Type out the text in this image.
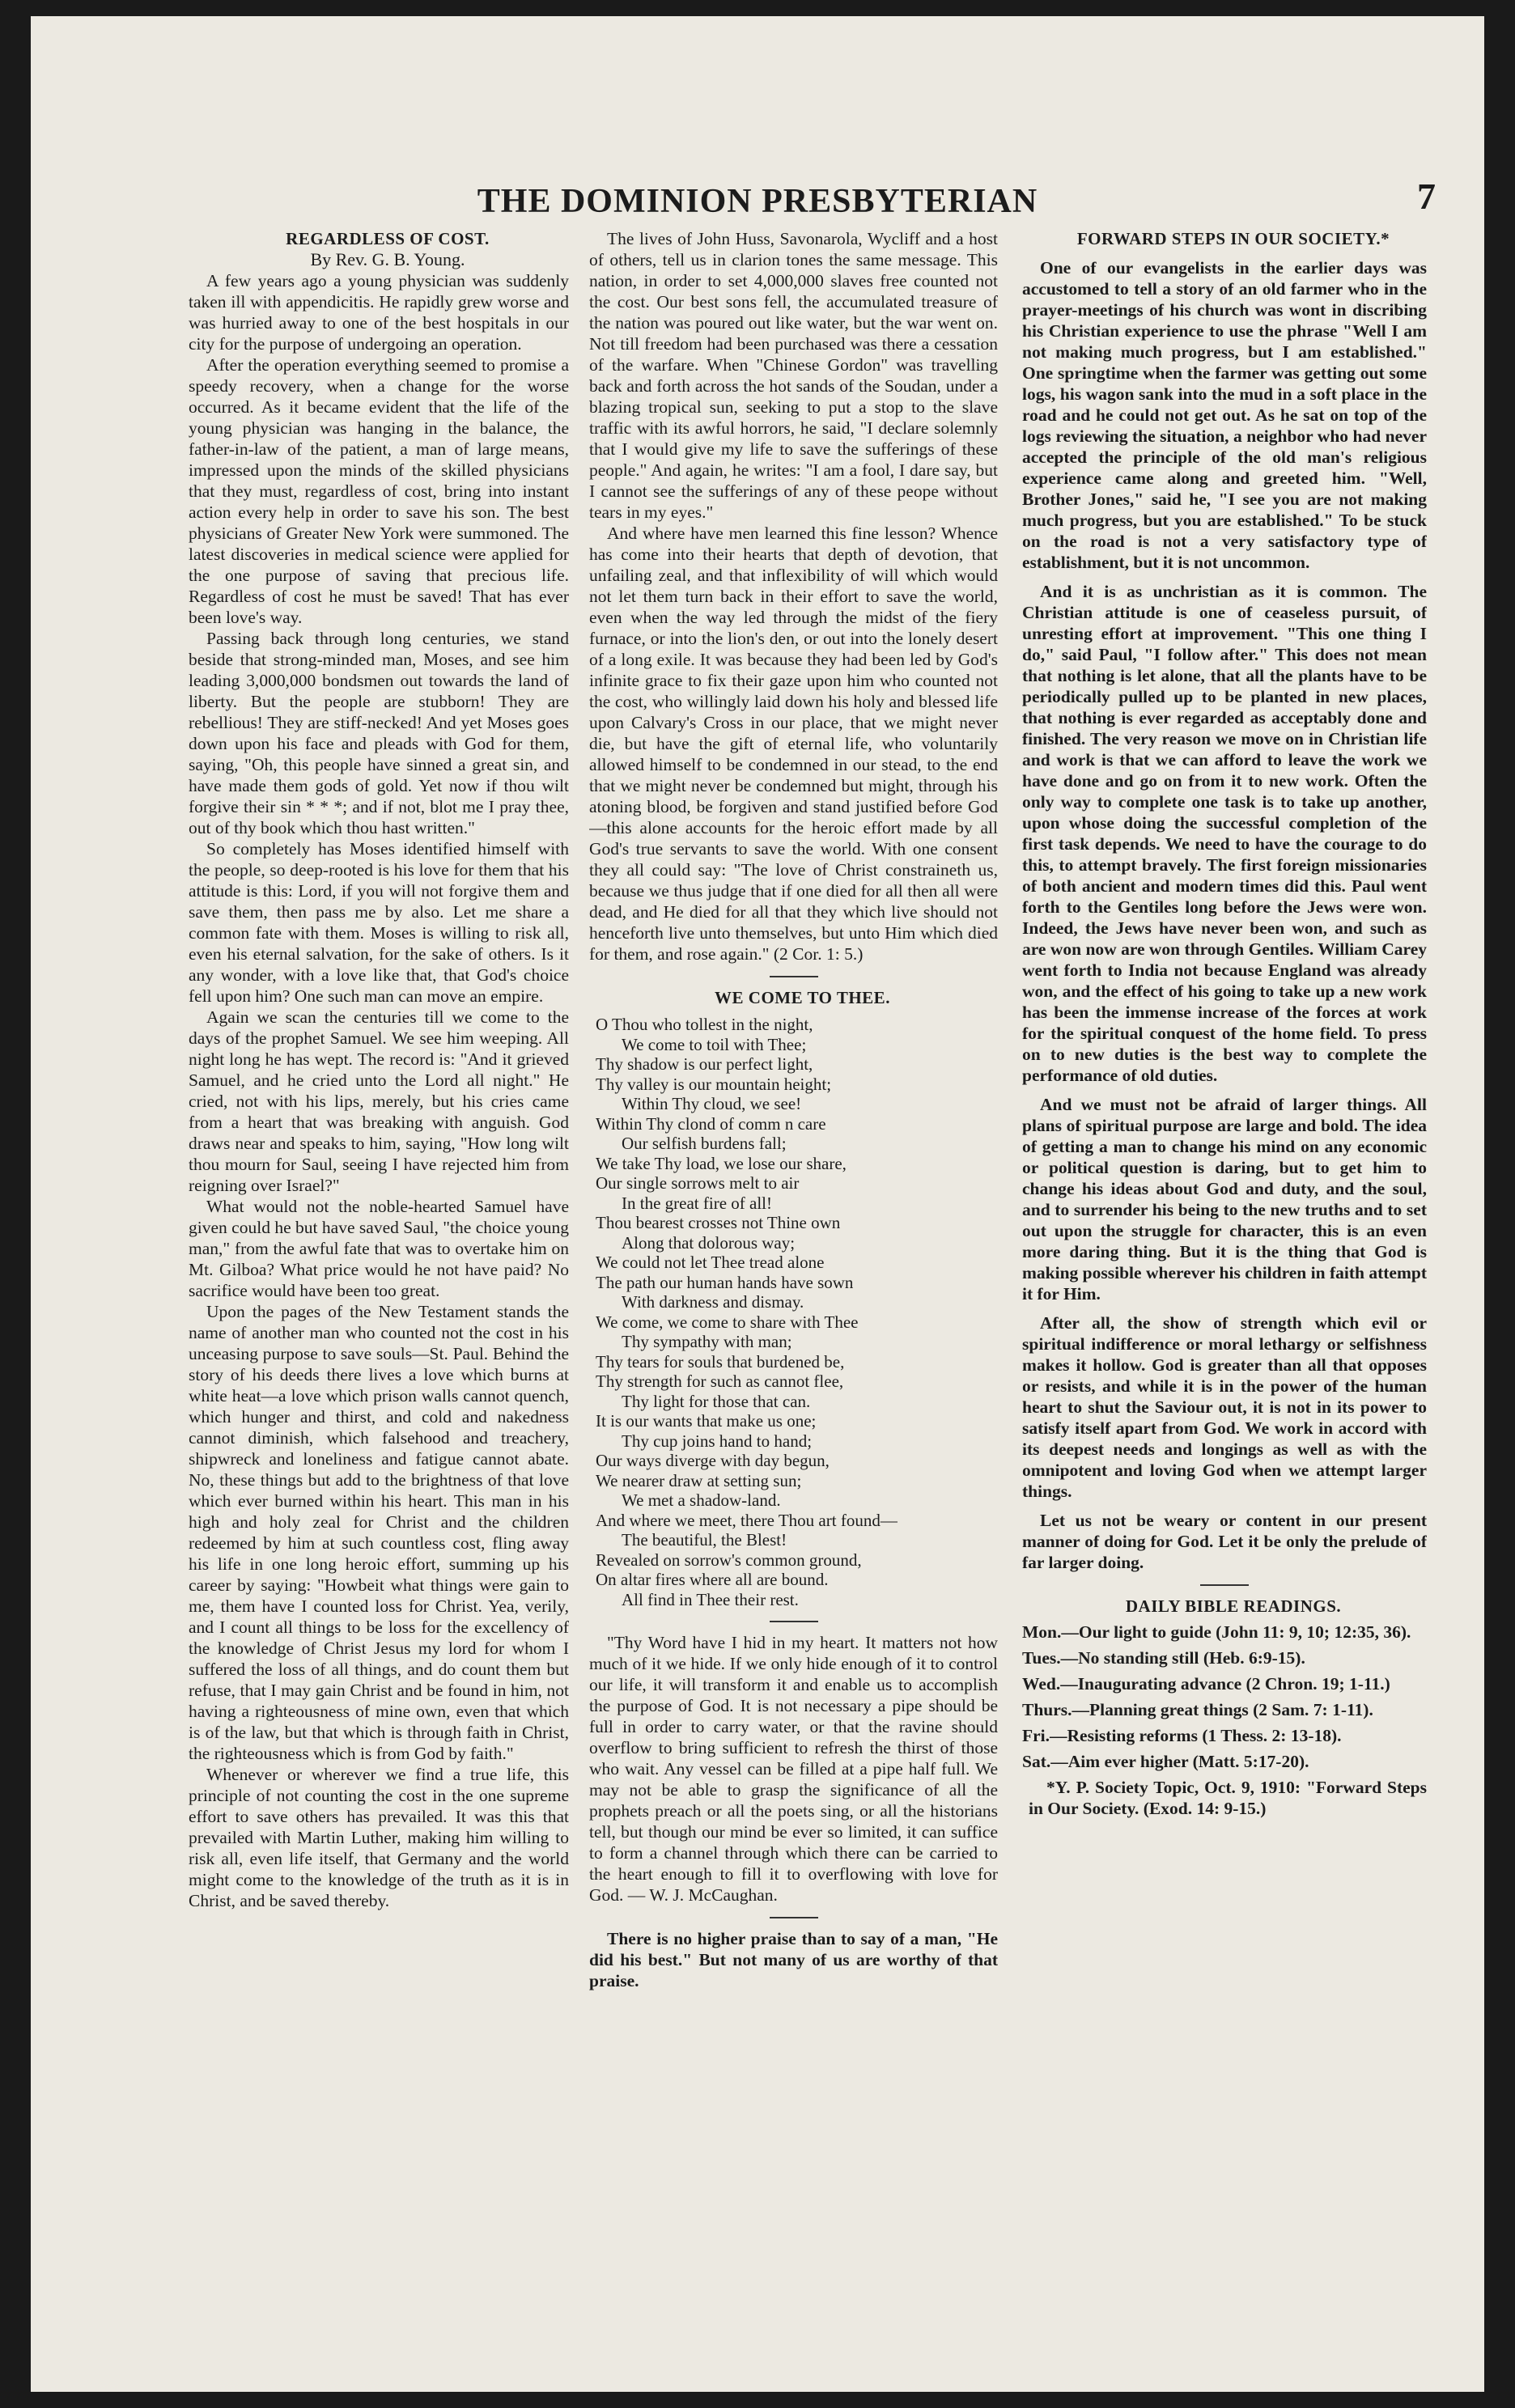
THE DOMINION PRESBYTERIAN	7

REGARDLESS OF COST.

By Rev. G. B. Young.

A few years ago a young physician was suddenly taken ill with appendicitis. He rapidly grew worse and was hurried away to one of the best hospitals in our city for the purpose of undergoing an operation.

After the operation everything seemed to promise a speedy recovery, when a change for the worse occurred. As it became evident that the life of the young physician was hanging in the balance, the father-in-law of the patient, a man of large means, impressed upon the minds of the skilled physicians that they must, regardless of cost, bring into instant action every help in order to save his son. The best physicians of Greater New York were summoned. The latest discoveries in medical science were applied for the one purpose of saving that precious life. Regardless of cost he must be saved! That has ever been love's way.

Passing back through long centuries, we stand beside that strong-minded man, Moses, and see him leading 3,000,000 bondsmen out towards the land of liberty. But the people are stubborn! They are rebellious! They are stiff-necked! And yet Moses goes down upon his face and pleads with God for them, saying, "Oh, this people have sinned a great sin, and have made them gods of gold. Yet now if thou wilt forgive their sin * * *; and if not, blot me I pray thee, out of thy book which thou hast written."

So completely has Moses identified himself with the people, so deep-rooted is his love for them that his attitude is this: Lord, if you will not forgive them and save them, then pass me by also. Let me share a common fate with them. Moses is willing to risk all, even his eternal salvation, for the sake of others. Is it any wonder, with a love like that, that God's choice fell upon him? One such man can move an empire.

Again we scan the centuries till we come to the days of the prophet Samuel. We see him weeping. All night long he has wept. The record is: "And it grieved Samuel, and he cried unto the Lord all night." He cried, not with his lips, merely, but his cries came from a heart that was breaking with anguish. God draws near and speaks to him, saying, "How long wilt thou mourn for Saul, seeing I have rejected him from reigning over Israel?"

What would not the noble-hearted Samuel have given could he but have saved Saul, "the choice young man," from the awful fate that was to overtake him on Mt. Gilboa? What price would he not have paid? No sacrifice would have been too great.

Upon the pages of the New Testament stands the name of another man who counted not the cost in his unceasing purpose to save souls—St. Paul. Behind the story of his deeds there lives a love which burns at white heat—a love which prison walls cannot quench, which hunger and thirst, and cold and nakedness cannot diminish, which falsehood and treachery, shipwreck and loneliness and fatigue cannot abate. No, these things but add to the brightness of that love which ever burned within his heart. This man in his high and holy zeal for Christ and the children redeemed by him at such countless cost, fling away his life in one long heroic effort, summing up his career by saying: "Howbeit what things were gain to me, them have I counted loss for Christ. Yea, verily, and I count all things to be loss for the excellency of the knowledge of Christ Jesus my lord for whom I suffered the loss of all things, and do count them but refuse, that I may gain Christ and be found in him, not having a righteousness of mine own, even that which is of the law, but that which is through faith in Christ, the righteousness which is from God by faith."

Whenever or wherever we find a true life, this principle of not counting the cost in the one supreme effort to save others has prevailed. It was this that prevailed with Martin Luther, making him willing to risk all, even life itself, that Germany and the world might come to the knowledge of the truth as it is in Christ, and be saved thereby.

The lives of John Huss, Savonarola, Wycliff and a host of others, tell us in clarion tones the same message. This nation, in order to set 4,000,000 slaves free counted not the cost. Our best sons fell, the accumulated treasure of the nation was poured out like water, but the war went on. Not till freedom had been purchased was there a cessation of the warfare. When "Chinese Gordon" was travelling back and forth across the hot sands of the Soudan, under a blazing tropical sun, seeking to put a stop to the slave traffic with its awful horrors, he said, "I declare solemnly that I would give my life to save the sufferings of these people." And again, he writes: "I am a fool, I dare say, but I cannot see the sufferings of any of these peope without tears in my eyes."

And where have men learned this fine lesson? Whence has come into their hearts that depth of devotion, that unfailing zeal, and that inflexibility of will which would not let them turn back in their effort to save the world, even when the way led through the midst of the fiery furnace, or into the lion's den, or out into the lonely desert of a long exile. It was because they had been led by God's infinite grace to fix their gaze upon him who counted not the cost, who willingly laid down his holy and blessed life upon Calvary's Cross in our place, that we might never die, but have the gift of eternal life, who voluntarily allowed himself to be condemned in our stead, to the end that we might never be condemned but might, through his atoning blood, be forgiven and stand justified before God—this alone accounts for the heroic effort made by all God's true servants to save the world. With one consent they all could say: "The love of Christ constraineth us, because we thus judge that if one died for all then all were dead, and He died for all that they which live should not henceforth live unto themselves, but unto Him which died for them, and rose again." (2 Cor. 1: 5.)

WE COME TO THEE.

O Thou who tollest in the night,
We come to toil with Thee;
Thy shadow is our perfect light,
Thy valley is our mountain height;
Within Thy cloud, we see!
Within Thy clond of comm n care
Our selfish burdens fall;
We take Thy load, we lose our share,
Our single sorrows melt to air
In the great fire of all!
Thou bearest crosses not Thine own
Along that dolorous way;
We could not let Thee tread alone
The path our human hands have sown
With darkness and dismay.
We come, we come to share with Thee
Thy sympathy with man;
Thy tears for souls that burdened be,
Thy strength for such as cannot flee,
Thy light for those that can.
It is our wants that make us one;
Thy cup joins hand to hand;
Our ways diverge with day begun,
We nearer draw at setting sun;
We met a shadow-land.
And where we meet, there Thou art found—
The beautiful, the Blest!
Revealed on sorrow's common ground,
On altar fires where all are bound.
All find in Thee their rest.

"Thy Word have I hid in my heart. It matters not how much of it we hide. If we only hide enough of it to control our life, it will transform it and enable us to accomplish the purpose of God. It is not necessary a pipe should be full in order to carry water, or that the ravine should overflow to bring sufficient to refresh the thirst of those who wait. Any vessel can be filled at a pipe half full. We may not be able to grasp the significance of all the prophets preach or all the poets sing, or all the historians tell, but though our mind be ever so limited, it can suffice to form a channel through which there can be carried to the heart enough to fill it to overflowing with love for God. — W. J. McCaughan.

There is no higher praise than to say of a man, "He did his best." But not many of us are worthy of that praise.

FORWARD STEPS IN OUR SOCIETY.*

One of our evangelists in the earlier days was accustomed to tell a story of an old farmer who in the prayer-meetings of his church was wont in discribing his Christian experience to use the phrase "Well I am not making much progress, but I am established." One springtime when the farmer was getting out some logs, his wagon sank into the mud in a soft place in the road and he could not get out. As he sat on top of the logs reviewing the situation, a neighbor who had never accepted the principle of the old man's religious experience came along and greeted him. "Well, Brother Jones," said he, "I see you are not making much progress, but you are established." To be stuck on the road is not a very satisfactory type of establishment, but it is not uncommon.

And it is as unchristian as it is common. The Christian attitude is one of ceaseless pursuit, of unresting effort at improvement. "This one thing I do," said Paul, "I follow after." This does not mean that nothing is let alone, that all the plants have to be periodically pulled up to be planted in new places, that nothing is ever regarded as acceptably done and finished. The very reason we move on in Christian life and work is that we can afford to leave the work we have done and go on from it to new work. Often the only way to complete one task is to take up another, upon whose doing the successful completion of the first task depends. We need to have the courage to do this, to attempt bravely. The first foreign missionaries of both ancient and modern times did this. Paul went forth to the Gentiles long before the Jews were won. Indeed, the Jews have never been won, and such as are won now are won through Gentiles. William Carey went forth to India not because England was already won, and the effect of his going to take up a new work has been the immense increase of the forces at work for the spiritual conquest of the home field. To press on to new duties is the best way to complete the performance of old duties.

And we must not be afraid of larger things. All plans of spiritual purpose are large and bold. The idea of getting a man to change his mind on any economic or political question is daring, but to get him to change his ideas about God and duty, and the soul, and to surrender his being to the new truths and to set out upon the struggle for character, this is an even more daring thing. But it is the thing that God is making possible wherever his children in faith attempt it for Him.

After all, the show of strength which evil or spiritual indifference or moral lethargy or selfishness makes it hollow. God is greater than all that opposes or resists, and while it is in the power of the human heart to shut the Saviour out, it is not in its power to satisfy itself apart from God. We work in accord with its deepest needs and longings as well as with the omnipotent and loving God when we attempt larger things.

Let us not be weary or content in our present manner of doing for God. Let it be only the prelude of far larger doing.

DAILY BIBLE READINGS.

Mon.—Our light to guide (John 11: 9, 10; 12:35, 36).
Tues.—No standing still (Heb. 6:9-15).
Wed.—Inaugurating advance (2 Chron. 19; 1-11.)
Thurs.—Planning great things (2 Sam. 7: 1-11).
Fri.—Resisting reforms (1 Thess. 2: 13-18).
Sat.—Aim ever higher (Matt. 5:17-20).

*Y. P. Society Topic, Oct. 9, 1910: "Forward Steps in Our Society. (Exod. 14: 9-15.)
